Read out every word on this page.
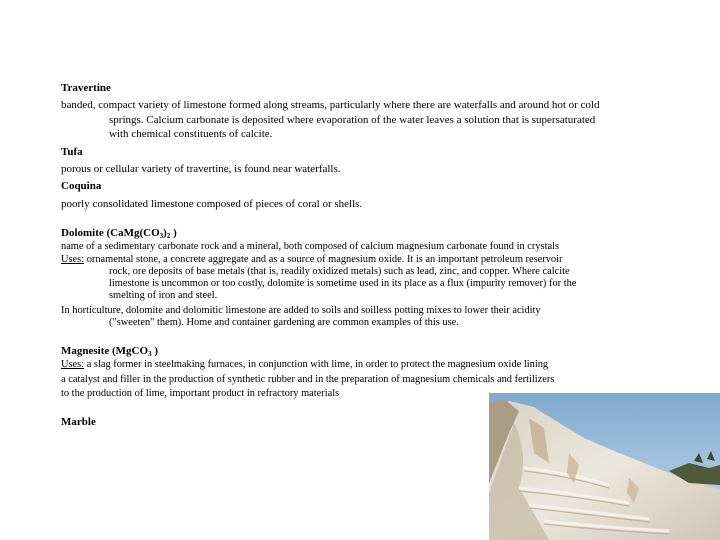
Travertine
banded, compact variety of limestone formed along streams, particularly where there are waterfalls and around hot or cold
springs. Calcium carbonate is deposited where evaporation of the water leaves a solution that is supersaturated
with chemical constituents of calcite.
Tufa
porous or cellular variety of travertine, is found near waterfalls.
Coquina
poorly consolidated limestone composed of pieces of coral or shells.
Dolomite ($CaMg(CO_3)_2$ )
name of a sedimentary carbonate rock and a mineral, both composed of calcium magnesium carbonate found in crystals
Uses: ornamental stone, a concrete aggregate and as a source of magnesium oxide. It is an important petroleum reservoir
rock, ore deposits of base metals (that is, readily oxidized metals) such as lead, zinc, and copper. Where calcite
limestone is uncommon or too costly, dolomite is sometime used in its place as a flux (impurity remover) for the
smelting of iron and steel.
In horticulture, dolomite and dolomitic limestone are added to soils and soilless potting mixes to lower their acidity
("sweeten" them). Home and container gardening are common examples of this use.
Magnesite (MgCO$_3$ )
Uses: a slag former in steelmaking furnaces, in conjunction with lime, in order to protect the magnesium oxide lining
a catalyst and filler in the production of synthetic rubber and in the preparation of magnesium chemicals and fertilizers
to the production of lime, important product in refractory materials
Marble
